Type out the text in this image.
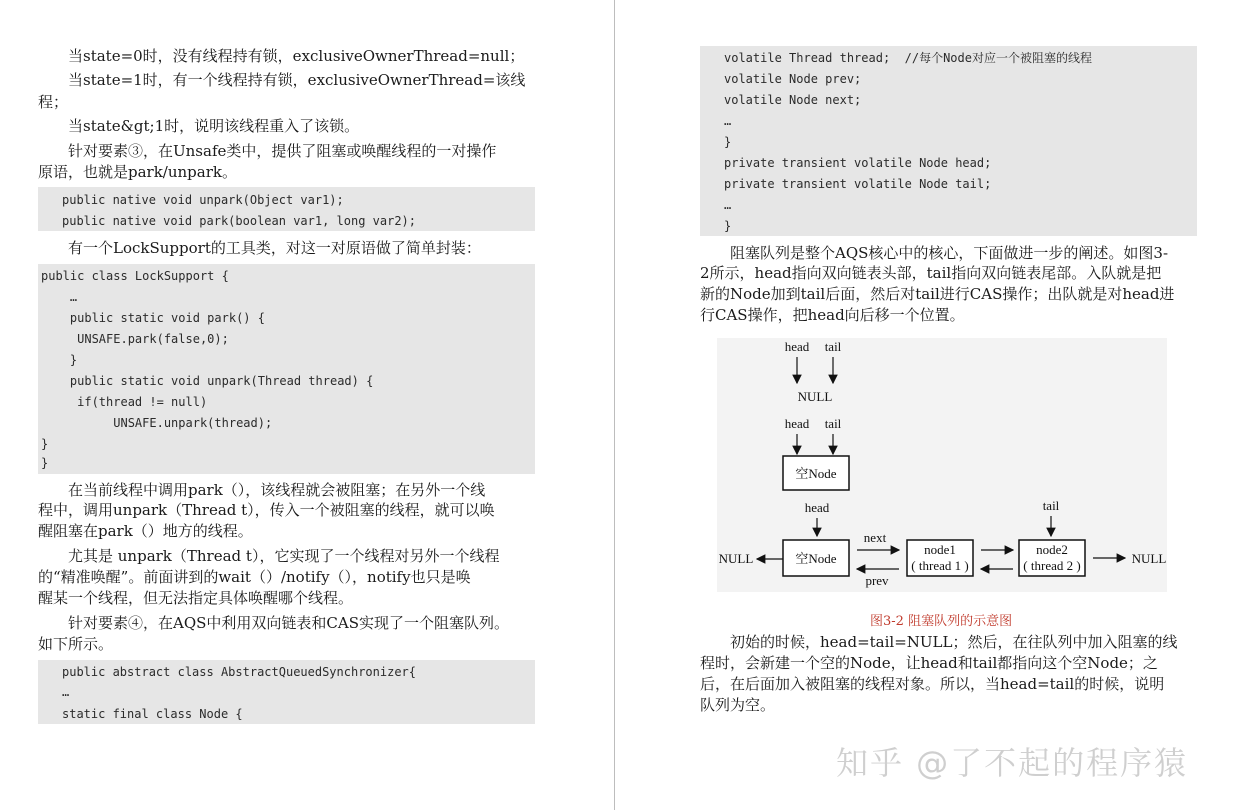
当state=0时，没有线程持有锁，exclusiveOwnerThread=null；
当state=1时，有一个线程持有锁，exclusiveOwnerThread=该线
程；
当state&gt;1时，说明该线程重入了该锁。
针对要素③，在Unsafe类中，提供了阻塞或唤醒线程的一对操作
原语，也就是park/unpark。
public native void unpark(Object var1);
public native void park(boolean var1, long var2);
有一个LockSupport的工具类，对这一对原语做了简单封装：
public class LockSupport {
…
public static void park() {
UNSAFE.park(false,0);
}
public static void unpark(Thread thread) {
if(thread != null)
UNSAFE.unpark(thread);
}
}
在当前线程中调用park（），该线程就会被阻塞；在另外一个线
程中，调用unpark（Thread t），传入一个被阻塞的线程，就可以唤
醒阻塞在park（）地方的线程。
尤其是 unpark（Thread t），它实现了一个线程对另外一个线程
的“精准唤醒”。前面讲到的wait（）/notify（），notify也只是唤
醒某一个线程，但无法指定具体唤醒哪个线程。
针对要素④，在AQS中利用双向链表和CAS实现了一个阻塞队列。
如下所示。
public abstract class AbstractQueuedSynchronizer{
…
static final class Node {
volatile Thread thread;  //每个Node对应一个被阻塞的线程
volatile Node prev;
volatile Node next;
…
}
private transient volatile Node head;
private transient volatile Node tail;
…
}
阻塞队列是整个AQS核心中的核心，下面做进一步的阐述。如图3-
2所示，head指向双向链表头部，tail指向双向链表尾部。入队就是把
新的Node加到tail后面，然后对tail进行CAS操作；出队就是对head进
行CAS操作，把head向后移一个位置。
head tail
NULL
head tail
空Node
head	tail
NULL	空Node
next
prev
node1
( thread 1 )
node2
( thread 2 )	NULL
图3-2 阻塞队列的示意图
初始的时候，head=tail=NULL；然后，在往队列中加入阻塞的线
程时，会新建一个空的Node，让head和tail都指向这个空Node；之
后，在后面加入被阻塞的线程对象。所以，当head=tail的时候，说明
队列为空。
知乎 @了不起的程序猿
